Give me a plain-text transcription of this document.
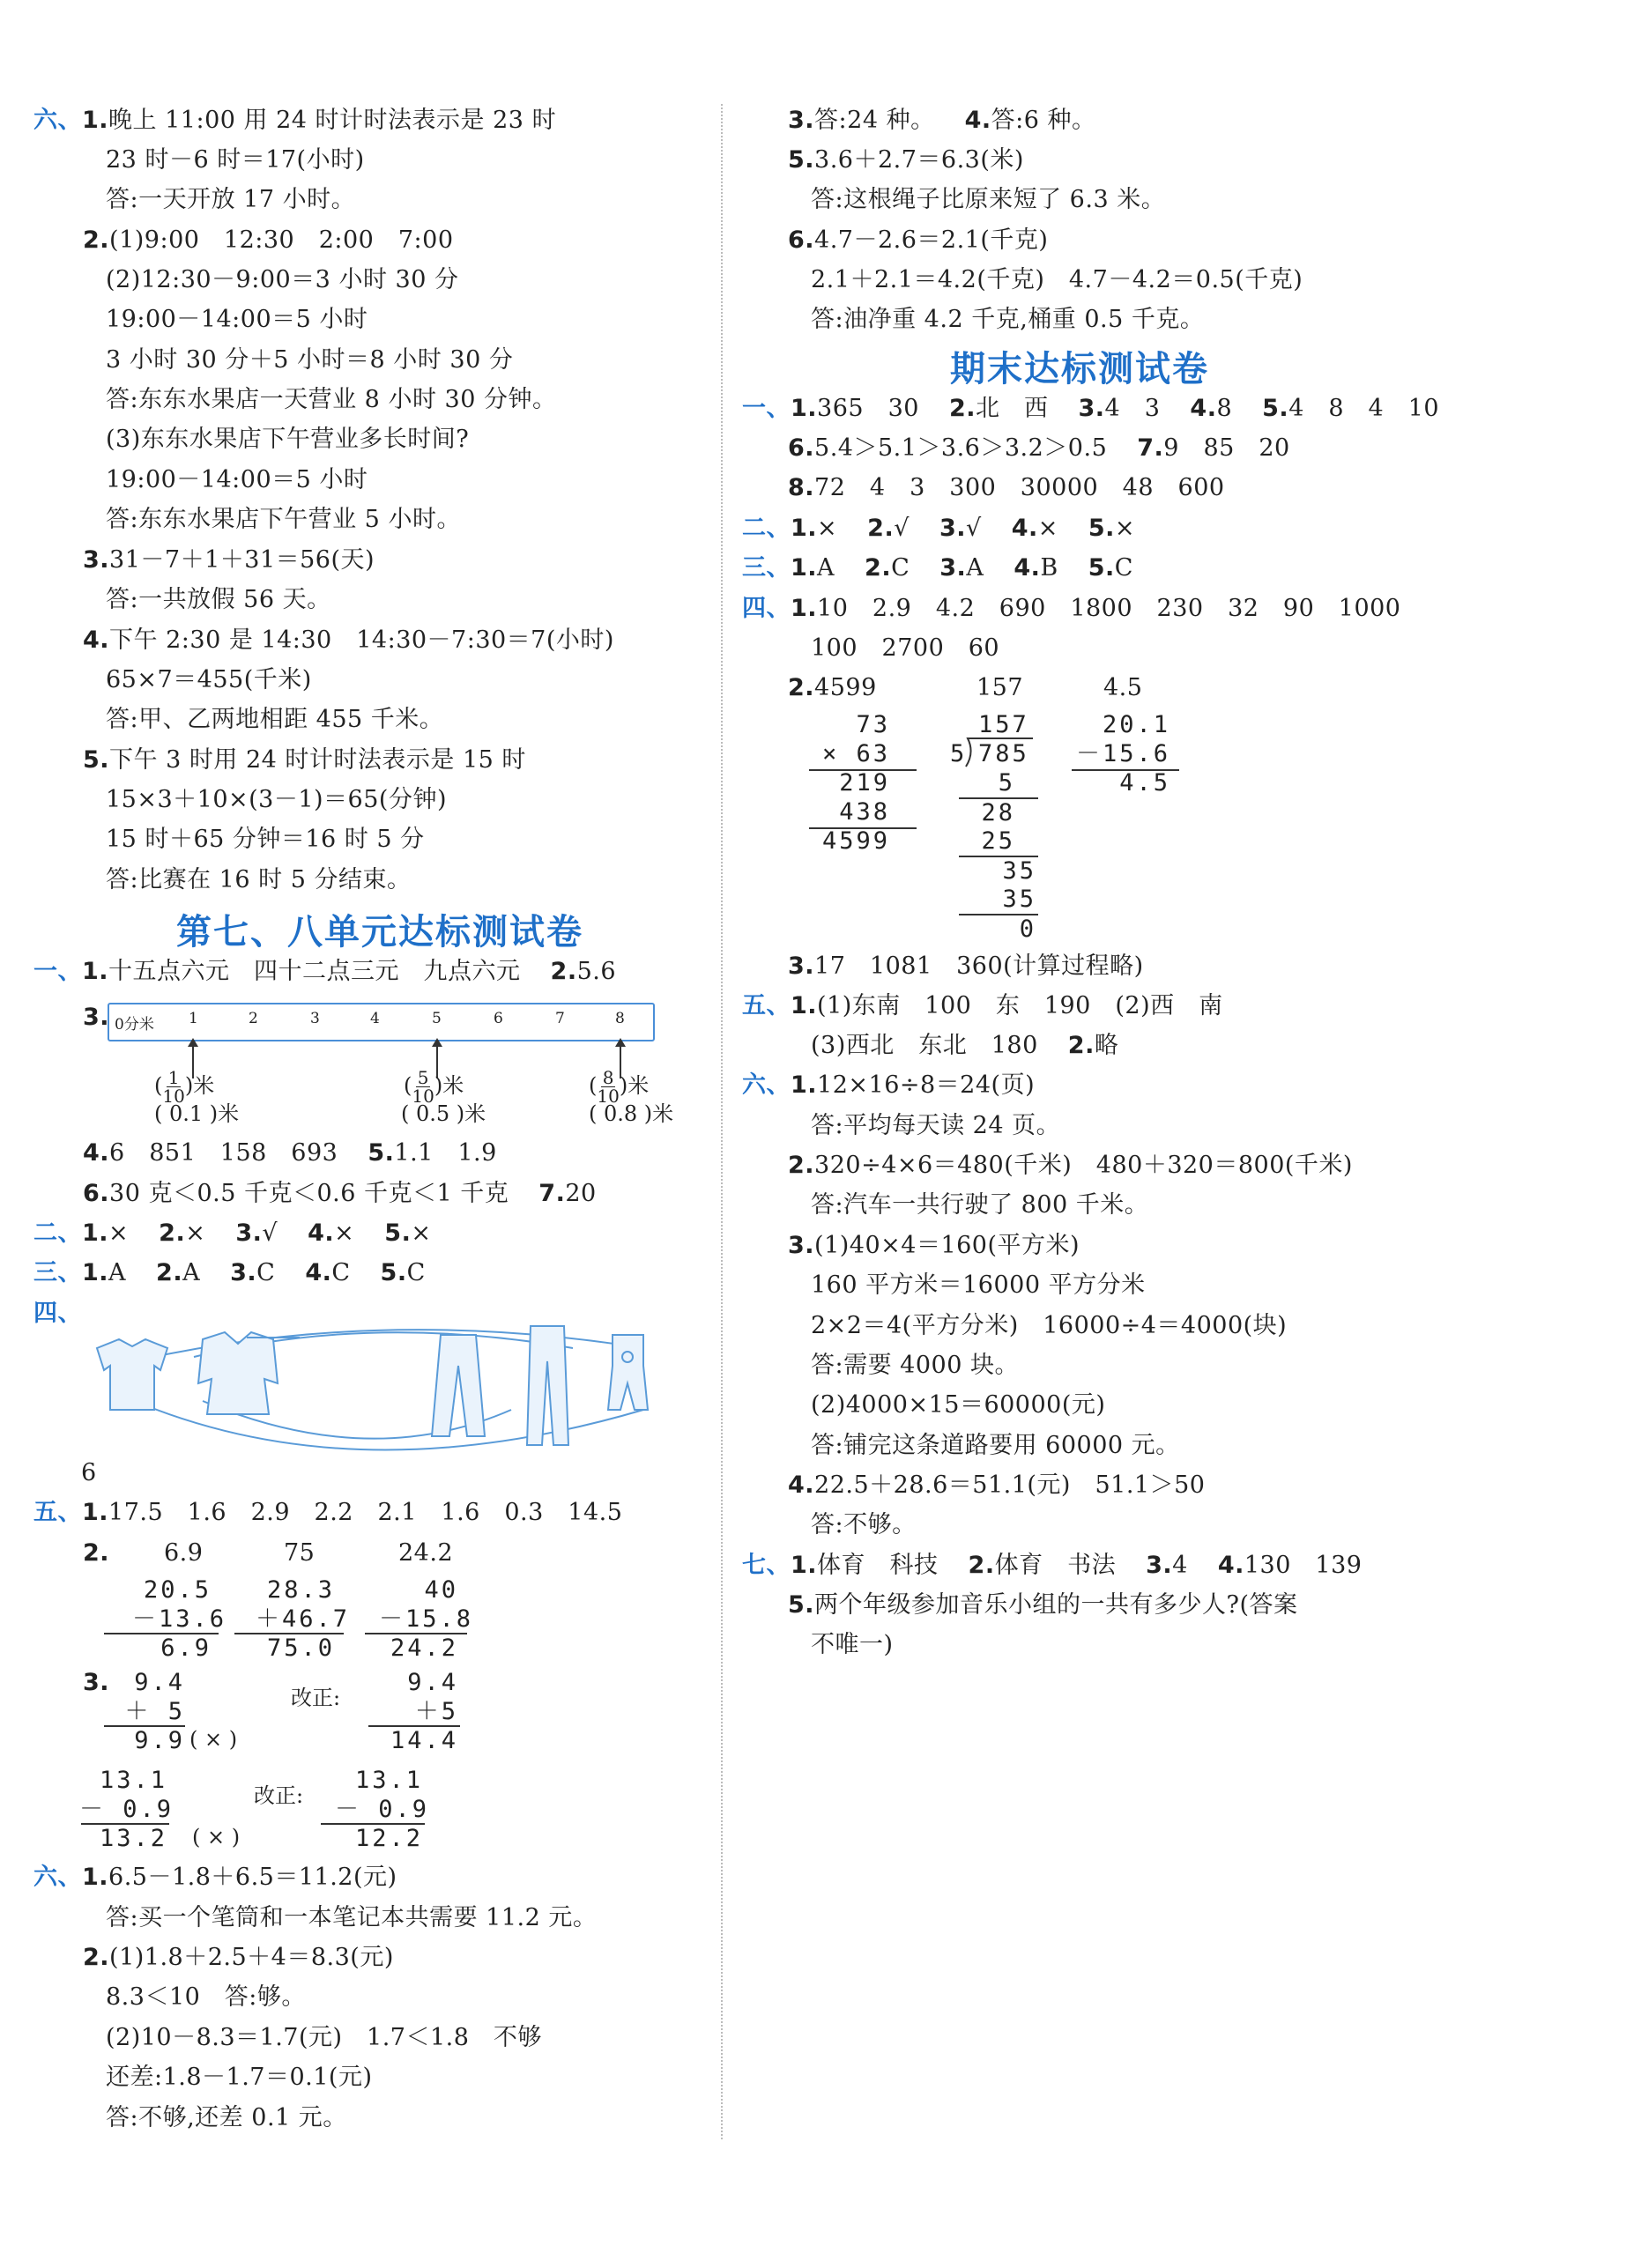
六、1.晚上 11:00 用 24 时计时法表示是 23 时
23 时－6 时＝17(小时)
答:一天开放 17 小时。
2.(1)9:00　12:30　2:00　7:00
(2)12:30－9:00＝3 小时 30 分
19:00－14:00＝5 小时
3 小时 30 分＋5 小时＝8 小时 30 分
答:东东水果店一天营业 8 小时 30 分钟。
(3)东东水果店下午营业多长时间?
19:00－14:00＝5 小时
答:东东水果店下午营业 5 小时。
3.31－7＋1＋31＝56(天)
答:一共放假 56 天。
4.下午 2:30 是 14:30　14:30－7:30＝7(小时)
65×7＝455(千米)
答:甲、乙两地相距 455 千米。
5.下午 3 时用 24 时计时法表示是 15 时
15×3＋10×(3－1)＝65(分钟)
15 时＋65 分钟＝16 时 5 分
答:比赛在 16 时 5 分结束。
第七、八单元达标测试卷
一、1.十五点六元　四十二点三元　九点六元 2.5.6
3. 0分米 1	2	3	4	5	6	7	8
( $\frac{1}{10}$ )米
( 0.1 )米
( $\frac{5}{10}$ )米
( 0.5 )米
( $\frac{8}{10}$ )米
( 0.8 )米
4.6　851　158　693 5.1.1　1.9
6.30 克＜0.5 千克＜0.6 千克＜1 千克 7.20
二、1.× 2.× 3.√ 4.× 5.×
三、1.A 2.A 3.C 4.C 5.C
四、
6
五、1.17.5　1.6　2.9　2.2　2.1　1.6　0.3　14.5
2. 6.9	75	24.2
20.5
－13.6
6.9
28.3
＋46.7
75.0
40
－15.8
24.2
3.	9.4
＋ 5
9.9 ( × )
改正:
9.4
＋5
14.4
13.1
－ 0.9
13.2 ( × )
改正:
13.1
－ 0.9
12.2
六、1.6.5－1.8＋6.5＝11.2(元)
答:买一个笔筒和一本笔记本共需要 11.2 元。
2.(1)1.8＋2.5＋4＝8.3(元)
8.3＜10　答:够。
(2)10－8.3＝1.7(元)　1.7＜1.8　不够
还差:1.8－1.7＝0.1(元)
答:不够,还差 0.1 元。
3.答:24 种。 4.答:6 种。
5.3.6＋2.7＝6.3(米)
答:这根绳子比原来短了 6.3 米。
6.4.7－2.6＝2.1(千克)
2.1＋2.1＝4.2(千克)　4.7－4.2＝0.5(千克)
答:油净重 4.2 千克,桶重 0.5 千克。
期末达标测试卷
一、1.365　30 2.北　西 3.4　3 4.8 5.4　8　4　10
6.5.4＞5.1＞3.6＞3.2＞0.5 7.9　85　20
8.72　4　3　300　30000　48　600
二、1.× 2.√ 3.√ 4.× 5.×
三、1.A 2.C 3.A 4.B 5.C
四、1.10　2.9　4.2　690　1800　230　32　90　1000
100　2700　60
2.4599	157	4.5
73
× 63
219
438
4599
157
5 785
5
28
25
35
35
0
20.1
－15.6
4.5
3.17　1081　360(计算过程略)
五、1.(1)东南　100　东　190　(2)西　南
(3)西北　东北　180 2.略
六、1.12×16÷8＝24(页)
答:平均每天读 24 页。
2.320÷4×6＝480(千米)　480＋320＝800(千米)
答:汽车一共行驶了 800 千米。
3.(1)40×4＝160(平方米)
160 平方米＝16000 平方分米
2×2＝4(平方分米)　16000÷4＝4000(块)
答:需要 4000 块。
(2)4000×15＝60000(元)
答:铺完这条道路要用 60000 元。
4.22.5＋28.6＝51.1(元)　51.1＞50
答:不够。
七、1.体育　科技 2.体育　书法 3.4 4.130　139
5.两个年级参加音乐小组的一共有多少人?(答案
不唯一)
